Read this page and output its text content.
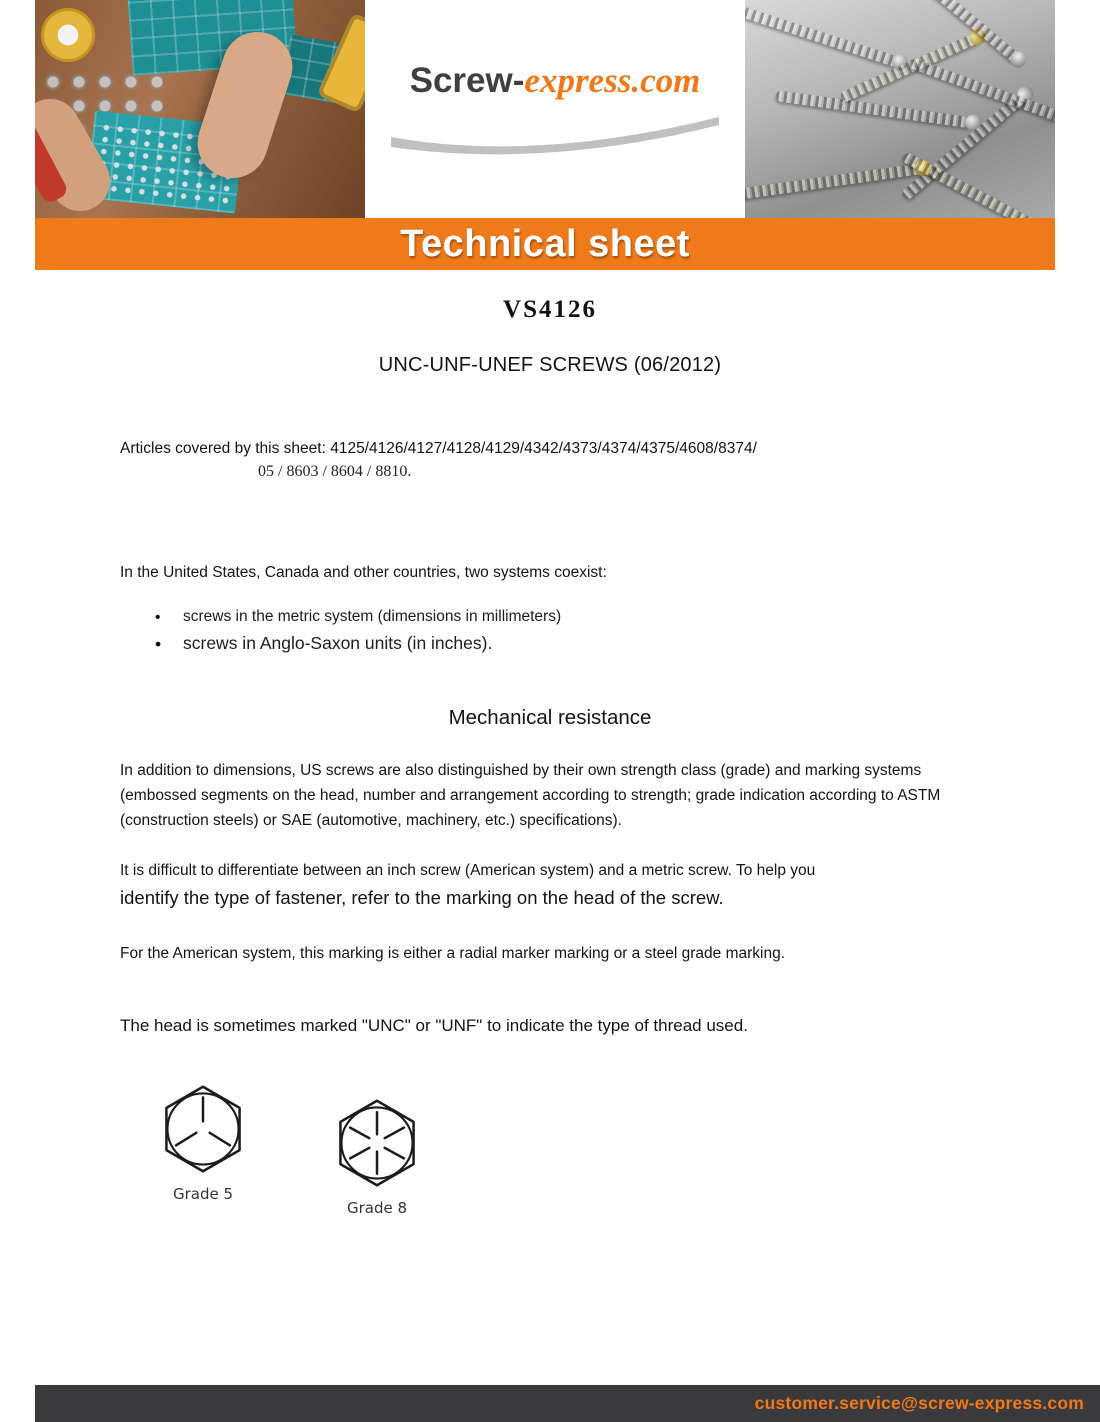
Screw-express.com
Technical sheet
VS4126
UNC-UNF-UNEF SCREWS (06/2012)
Articles covered by this sheet: 4125/4126/4127/4128/4129/4342/4373/4374/4375/4608/8374/
05 / 8603 / 8604 / 8810.
In the United States, Canada and other countries, two systems coexist:
• screws in the metric system (dimensions in millimeters)
• screws in Anglo-Saxon units (in inches).
Mechanical resistance
In addition to dimensions, US screws are also distinguished by their own strength class (grade) and marking systems (embossed segments on the head, number and arrangement according to strength; grade indication according to ASTM (construction steels) or SAE (automotive, machinery, etc.) specifications).
It is difficult to differentiate between an inch screw (American system) and a metric screw. To help you
identify the type of fastener, refer to the marking on the head of the screw.
For the American system, this marking is either a radial marker marking or a steel grade marking.
The head is sometimes marked "UNC" or "UNF" to indicate the type of thread used.
Grade 5
Grade 8
customer.service@screw-express.com
